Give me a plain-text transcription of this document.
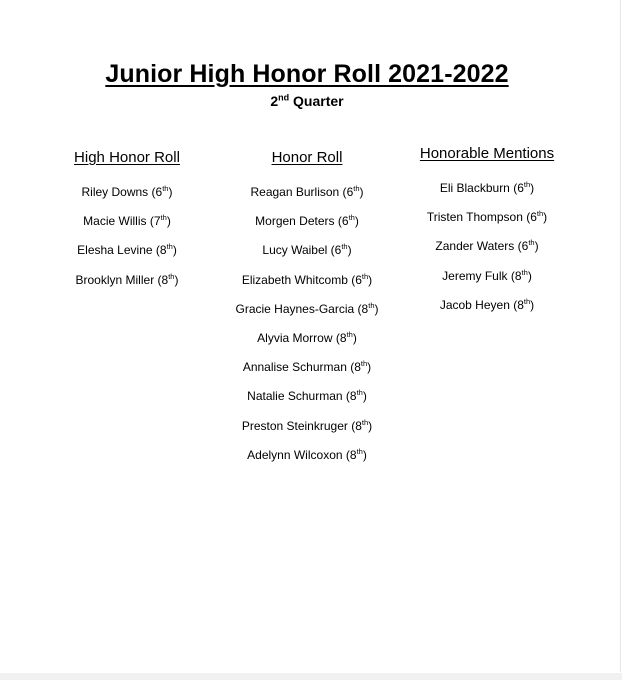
Junior High Honor Roll 2021-2022
2nd Quarter
High Honor Roll
Riley Downs (6th)
Macie Willis (7th)
Elesha Levine (8th)
Brooklyn Miller (8th)
Honor Roll
Reagan Burlison (6th)
Morgen Deters (6th)
Lucy Waibel (6th)
Elizabeth Whitcomb (6th)
Gracie Haynes-Garcia (8th)
Alyvia Morrow (8th)
Annalise Schurman (8th)
Natalie Schurman (8th)
Preston Steinkruger (8th)
Adelynn Wilcoxon (8th)
Honorable Mentions
Eli Blackburn (6th)
Tristen Thompson (6th)
Zander Waters (6th)
Jeremy Fulk (8th)
Jacob Heyen (8th)
